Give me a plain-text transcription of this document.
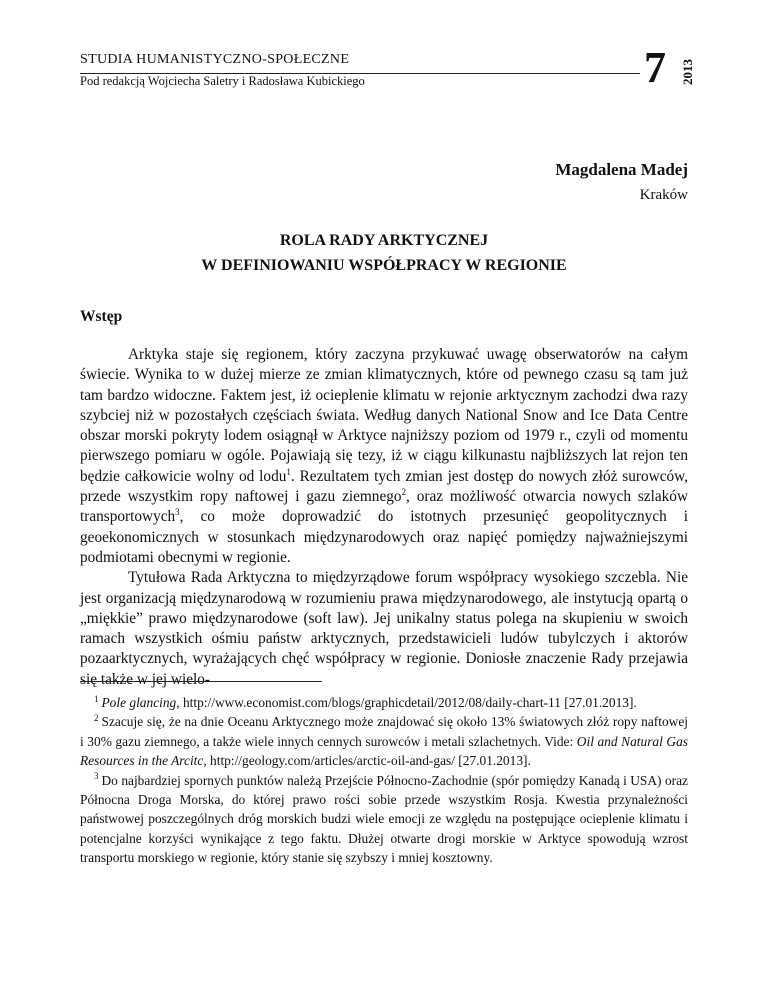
STUDIA HUMANISTYCZNO-SPOŁECZNE
Pod redakcją Wojciecha Saletry i Radosława Kubickiego	7 2013
Magdalena Madej
Kraków
ROLA RADY ARKTYCZNEJ
W DEFINIOWANIU WSPÓŁPRACY W REGIONIE
Wstęp

Arktyka staje się regionem, który zaczyna przykuwać uwagę obserwatorów na całym świecie. Wynika to w dużej mierze ze zmian klimatycznych, które od pewnego czasu są tam już tam bardzo widoczne. Faktem jest, iż ocieplenie klimatu w rejonie arktycznym zachodzi dwa razy szybciej niż w pozostałych częściach świata. Według danych National Snow and Ice Data Centre obszar morski pokryty lodem osiągnął w Arktyce najniższy poziom od 1979 r., czyli od momentu pierwszego pomiaru w ogóle. Pojawiają się tezy, iż w ciągu kilkunastu najbliższych lat rejon ten będzie całkowicie wolny od lodu$^1$. Rezultatem tych zmian jest dostęp do nowych złóż surowców, przede wszystkim ropy naftowej i gazu ziemnego$^2$, oraz możliwość otwarcia nowych szlaków transportowych$^3$, co może doprowadzić do istotnych przesunięć geopolitycznych i geoekonomicznych w stosunkach międzynarodowych oraz napięć pomiędzy najważniejszymi podmiotami obecnymi w regionie.

Tytułowa Rada Arktyczna to międzyrządowe forum współpracy wysokiego szczebla. Nie jest organizacją międzynarodową w rozumieniu prawa międzynarodowego, ale instytucją opartą o „miękkie” prawo międzynarodowe (soft law). Jej unikalny status polega na skupieniu w swoich ramach wszystkich ośmiu państw arktycznych, przedstawicieli ludów tubylczych i aktorów pozaarktycznych, wyrażających chęć współpracy w regionie. Doniosłe znaczenie Rady przejawia się także w jej wielo-

$^1$ Pole glancing, http://www.economist.com/blogs/graphicdetail/2012/08/daily-chart-11 [27.01.2013].

$^2$ Szacuje się, że na dnie Oceanu Arktycznego może znajdować się około 13% światowych złóż ropy naftowej i 30% gazu ziemnego, a także wiele innych cennych surowców i metali szlachetnych. Vide: Oil and Natural Gas Resources in the Arcitc, http://geology.com/articles/arctic-oil-and-gas/ [27.01.2013].

$^3$ Do najbardziej spornych punktów należą Przejście Północno-Zachodnie (spór pomiędzy Kanadą i USA) oraz Północna Droga Morska, do której prawo rości sobie przede wszystkim Rosja. Kwestia przynależności państwowej poszczególnych dróg morskich budzi wiele emocji ze względu na postępujące ocieplenie klimatu i potencjalne korzyści wynikające z tego faktu. Dłużej otwarte drogi morskie w Arktyce spowodują wzrost transportu morskiego w regionie, który stanie się szybszy i mniej kosztowny.
